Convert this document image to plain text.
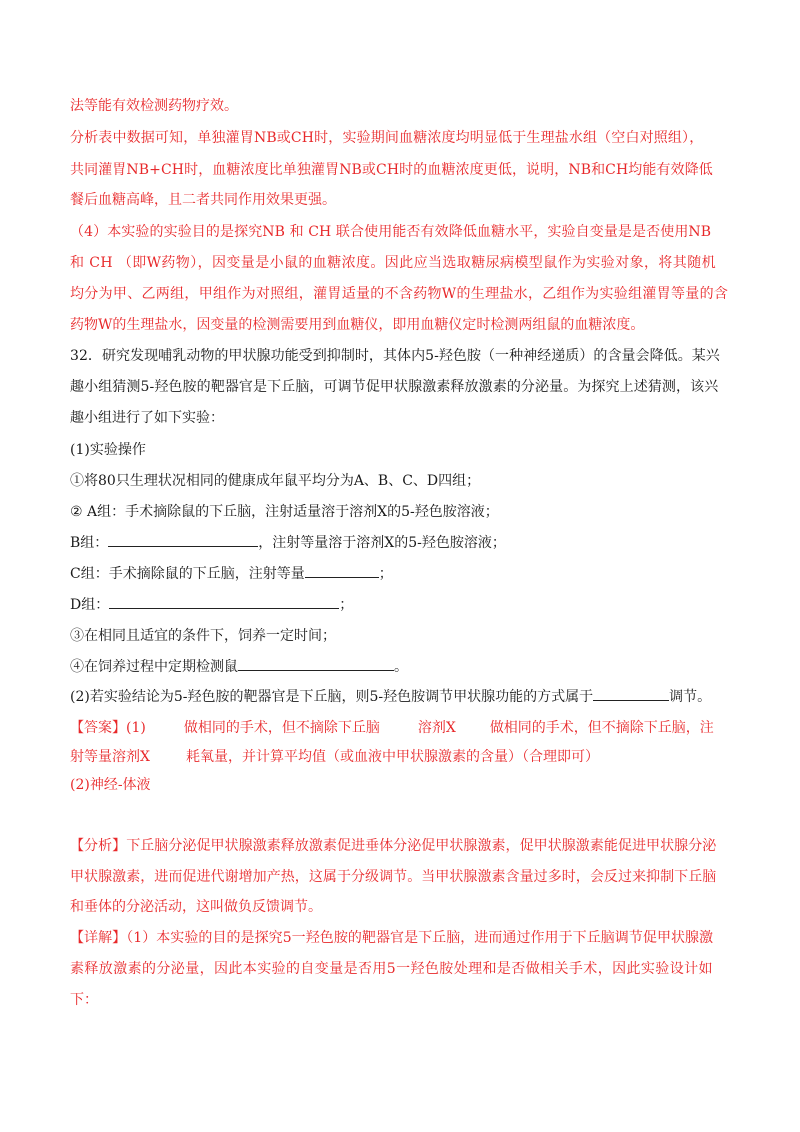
法等能有效检测药物疗效。
分析表中数据可知，单独灌胃NB或CH时，实验期间血糖浓度均明显低于生理盐水组（空白对照组），
共同灌胃NB+CH时，血糖浓度比单独灌胃NB或CH时的血糖浓度更低，说明，NB和CH均能有效降低
餐后血糖高峰，且二者共同作用效果更强。
（4）本实验的实验目的是探究NB 和 CH 联合使用能否有效降低血糖水平，实验自变量是是否使用NB
和 CH （即W药物），因变量是小鼠的血糖浓度。因此应当选取糖尿病模型鼠作为实验对象，将其随机
均分为甲、乙两组，甲组作为对照组，灌胃适量的不含药物W的生理盐水，乙组作为实验组灌胃等量的含
药物W的生理盐水，因变量的检测需要用到血糖仪，即用血糖仪定时检测两组鼠的血糖浓度。
32．研究发现哺乳动物的甲状腺功能受到抑制时，其体内5-羟色胺（一种神经递质）的含量会降低。某兴
趣小组猜测5-羟色胺的靶器官是下丘脑，可调节促甲状腺激素释放激素的分泌量。为探究上述猜测，该兴
趣小组进行了如下实验：
(1)实验操作
①将80只生理状况相同的健康成年鼠平均分为A、B、C、D四组；
② A组：手术摘除鼠的下丘脑，注射适量溶于溶剂X的5-羟色胺溶液；
B组：	，注射等量溶于溶剂X的5-羟色胺溶液；
C组：手术摘除鼠的下丘脑，注射等量	；
D组：	；
③在相同且适宜的条件下，饲养一定时间；
④在饲养过程中定期检测鼠	。
(2)若实验结论为5-羟色胺的靶器官是下丘脑，则5-羟色胺调节甲状腺功能的方式属于	调节。
【答案】(1)	做相同的手术，但不摘除下丘脑	溶剂X 做相同的手术，但不摘除下丘脑，注
射等量溶剂X	耗氧量，并计算平均值（或血液中甲状腺激素的含量）（合理即可）
(2)神经-体液
【分析】下丘脑分泌促甲状腺激素释放激素促进垂体分泌促甲状腺激素，促甲状腺激素能促进甲状腺分泌
甲状腺激素，进而促进代谢增加产热，这属于分级调节。当甲状腺激素含量过多时，会反过来抑制下丘脑
和垂体的分泌活动，这叫做负反馈调节。
【详解】（1）本实验的目的是探究5一羟色胺的靶器官是下丘脑，进而通过作用于下丘脑调节促甲状腺激
素释放激素的分泌量，因此本实验的自变量是否用5一羟色胺处理和是否做相关手术，因此实验设计如
下：
